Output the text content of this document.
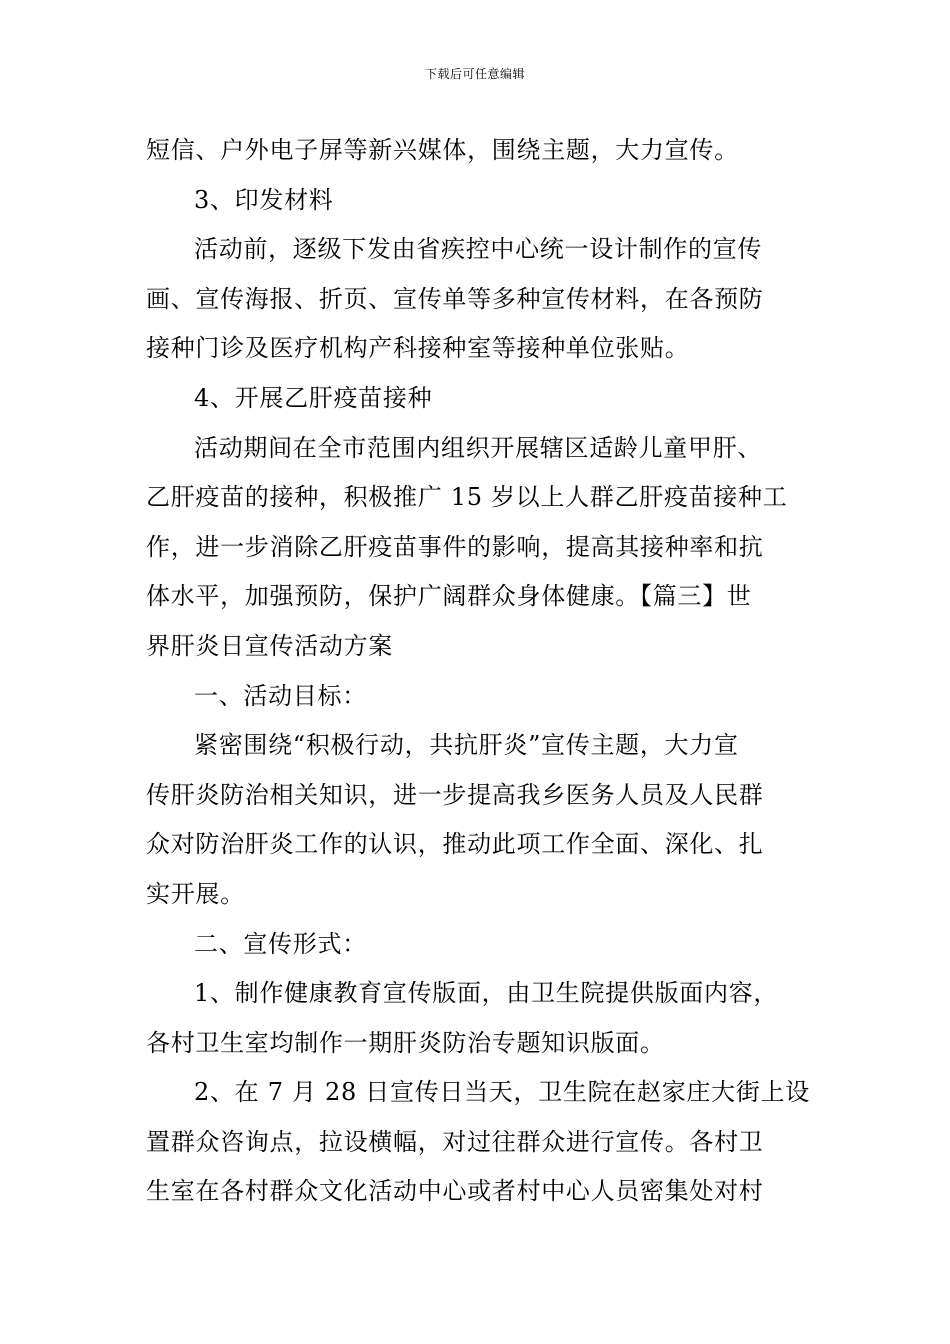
下载后可任意编辑
短信、户外电子屏等新兴媒体，围绕主题，大力宣传。
3、印发材料
活动前，逐级下发由省疾控中心统一设计制作的宣传
画、宣传海报、折页、宣传单等多种宣传材料，在各预防
接种门诊及医疗机构产科接种室等接种单位张贴。
4、开展乙肝疫苗接种
活动期间在全市范围内组织开展辖区适龄儿童甲肝、
乙肝疫苗的接种，积极推广 15 岁以上人群乙肝疫苗接种工
作，进一步消除乙肝疫苗事件的影响，提高其接种率和抗
体水平，加强预防，保护广阔群众身体健康。【篇三】世
界肝炎日宣传活动方案
一、活动目标：
紧密围绕“积极行动，共抗肝炎”宣传主题，大力宣
传肝炎防治相关知识，进一步提高我乡医务人员及人民群
众对防治肝炎工作的认识，推动此项工作全面、深化、扎
实开展。
二、宣传形式：
1、制作健康教育宣传版面，由卫生院提供版面内容，
各村卫生室均制作一期肝炎防治专题知识版面。
2、在 7 月 28 日宣传日当天，卫生院在赵家庄大街上设
置群众咨询点，拉设横幅，对过往群众进行宣传。各村卫
生室在各村群众文化活动中心或者村中心人员密集处对村
